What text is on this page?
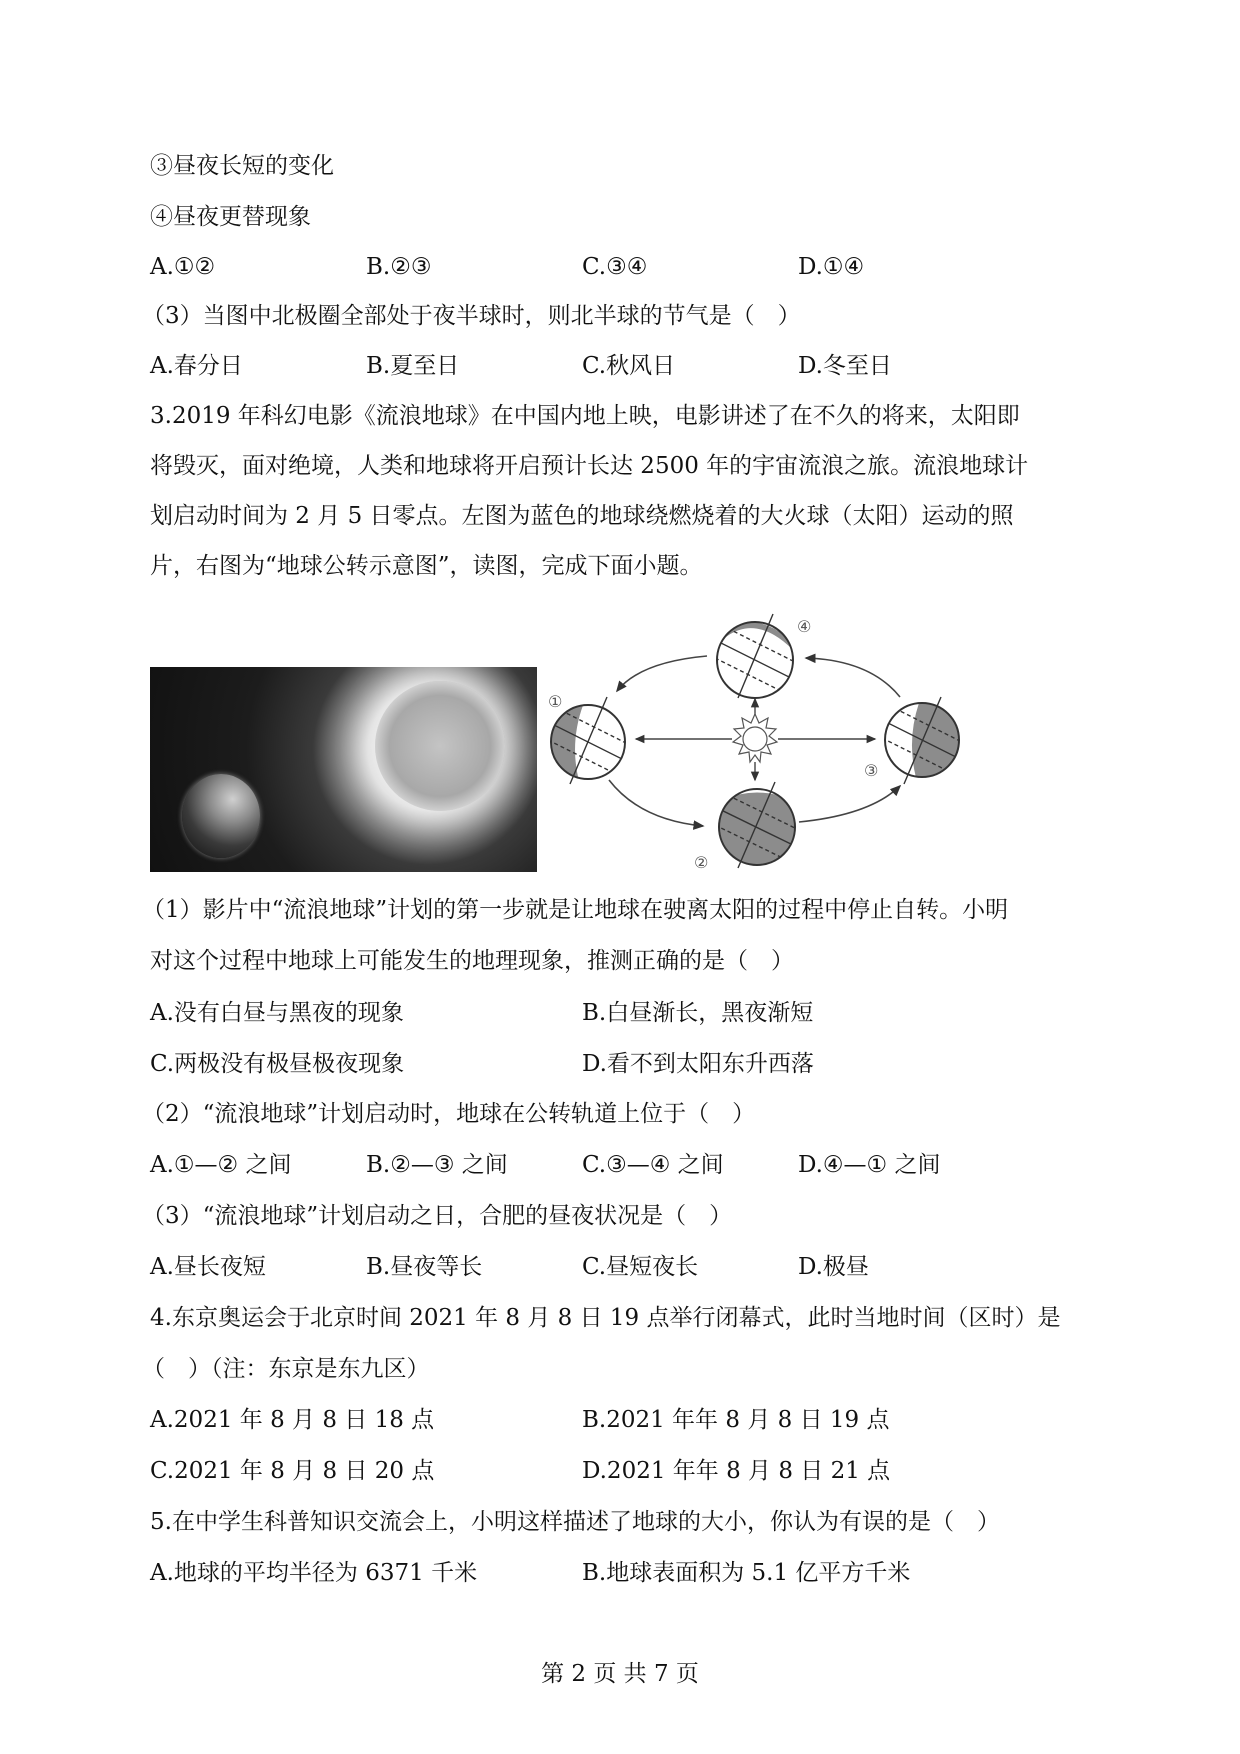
③昼夜长短的变化
④昼夜更替现象
A.①②	B.②③	C.③④	D.①④
（3）当图中北极圈全部处于夜半球时，则北半球的节气是（　）
A.春分日	B.夏至日	C.秋风日	D.冬至日
3.2019 年科幻电影《流浪地球》在中国内地上映，电影讲述了在不久的将来，太阳即
将毁灭，面对绝境，人类和地球将开启预计长达 2500 年的宇宙流浪之旅。流浪地球计
划启动时间为 2 月 5 日零点。左图为蓝色的地球绕燃烧着的大火球（太阳）运动的照
片，右图为“地球公转示意图”，读图，完成下面小题。
①
②
③
④
（1）影片中“流浪地球”计划的第一步就是让地球在驶离太阳的过程中停止自转。小明
对这个过程中地球上可能发生的地理现象，推测正确的是（　）
A.没有白昼与黑夜的现象	B.白昼渐长，黑夜渐短
C.两极没有极昼极夜现象	D.看不到太阳东升西落
（2）“流浪地球”计划启动时，地球在公转轨道上位于（　）
A.①—② 之间	B.②—③ 之间	C.③—④ 之间	D.④—① 之间
（3）“流浪地球”计划启动之日，合肥的昼夜状况是（　）
A.昼长夜短	B.昼夜等长	C.昼短夜长	D.极昼
4.东京奥运会于北京时间 2021 年 8 月 8 日 19 点举行闭幕式，此时当地时间（区时）是
（　）（注：东京是东九区）
A.2021 年 8 月 8 日 18 点	B.2021 年年 8 月 8 日 19 点
C.2021 年 8 月 8 日 20 点	D.2021 年年 8 月 8 日 21 点
5.在中学生科普知识交流会上，小明这样描述了地球的大小，你认为有误的是（　）
A.地球的平均半径为 6371 千米	B.地球表面积为 5.1 亿平方千米
第 2 页 共 7 页
